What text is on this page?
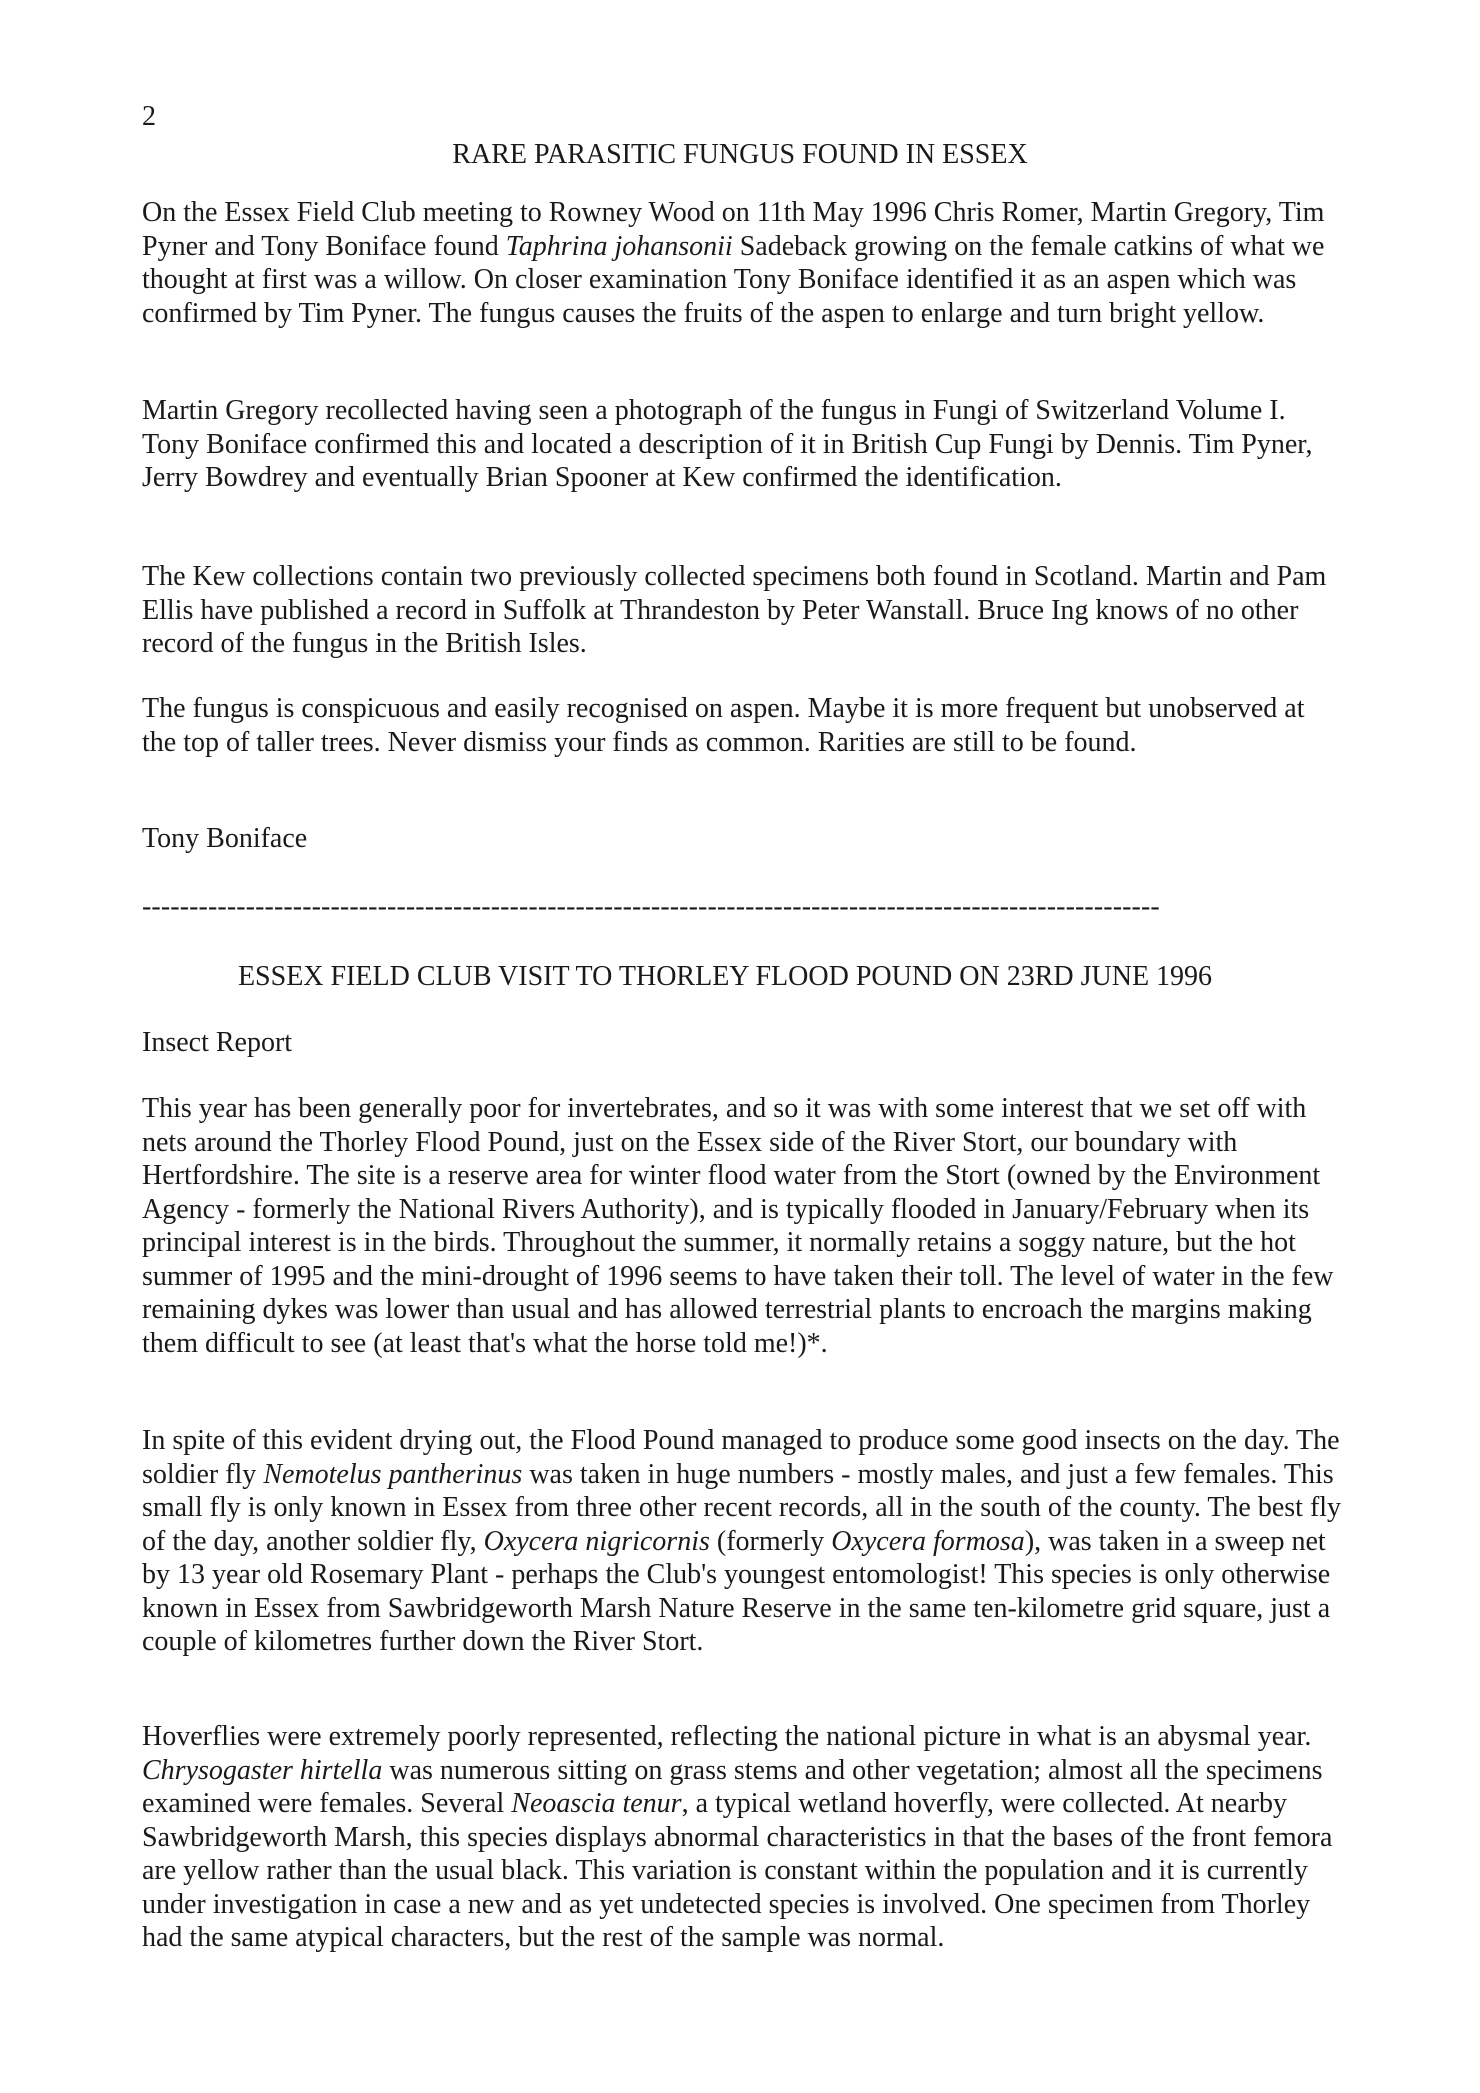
2

RARE PARASITIC FUNGUS FOUND IN ESSEX

On the Essex Field Club meeting to Rowney Wood on 11th May 1996 Chris Romer, Martin Gregory, Tim Pyner and Tony Boniface found Taphrina johansonii Sadeback growing on the female catkins of what we thought at first was a willow. On closer examination Tony Boniface identified it as an aspen which was confirmed by Tim Pyner. The fungus causes the fruits of the aspen to enlarge and turn bright yellow.

Martin Gregory recollected having seen a photograph of the fungus in Fungi of Switzerland Volume I. Tony Boniface confirmed this and located a description of it in British Cup Fungi by Dennis. Tim Pyner, Jerry Bowdrey and eventually Brian Spooner at Kew confirmed the identification.

The Kew collections contain two previously collected specimens both found in Scotland. Martin and Pam Ellis have published a record in Suffolk at Thrandeston by Peter Wanstall. Bruce Ing knows of no other record of the fungus in the British Isles.

The fungus is conspicuous and easily recognised on aspen. Maybe it is more frequent but unobserved at the top of taller trees. Never dismiss your finds as common. Rarities are still to be found.

Tony Boniface

------------------------------------------------------------------------------------------------------------

ESSEX FIELD CLUB VISIT TO THORLEY FLOOD POUND ON 23RD JUNE 1996
Insect Report

This year has been generally poor for invertebrates, and so it was with some interest that we set off with nets around the Thorley Flood Pound, just on the Essex side of the River Stort, our boundary with Hertfordshire. The site is a reserve area for winter flood water from the Stort (owned by the Environment Agency - formerly the National Rivers Authority), and is typically flooded in January/February when its principal interest is in the birds. Throughout the summer, it normally retains a soggy nature, but the hot summer of 1995 and the mini-drought of 1996 seems to have taken their toll. The level of water in the few remaining dykes was lower than usual and has allowed terrestrial plants to encroach the margins making them difficult to see (at least that's what the horse told me!)*.

In spite of this evident drying out, the Flood Pound managed to produce some good insects on the day. The soldier fly Nemotelus pantherinus was taken in huge numbers - mostly males, and just a few females. This small fly is only known in Essex from three other recent records, all in the south of the county. The best fly of the day, another soldier fly, Oxycera nigricornis (formerly Oxycera formosa), was taken in a sweep net by 13 year old Rosemary Plant - perhaps the Club's youngest entomologist! This species is only otherwise known in Essex from Sawbridgeworth Marsh Nature Reserve in the same ten-kilometre grid square, just a couple of kilometres further down the River Stort.

Hoverflies were extremely poorly represented, reflecting the national picture in what is an abysmal year. Chrysogaster hirtella was numerous sitting on grass stems and other vegetation; almost all the specimens examined were females. Several Neoascia tenur, a typical wetland hoverfly, were collected. At nearby Sawbridgeworth Marsh, this species displays abnormal characteristics in that the bases of the front femora are yellow rather than the usual black. This variation is constant within the population and it is currently under investigation in case a new and as yet undetected species is involved. One specimen from Thorley had the same atypical characters, but the rest of the sample was normal.
